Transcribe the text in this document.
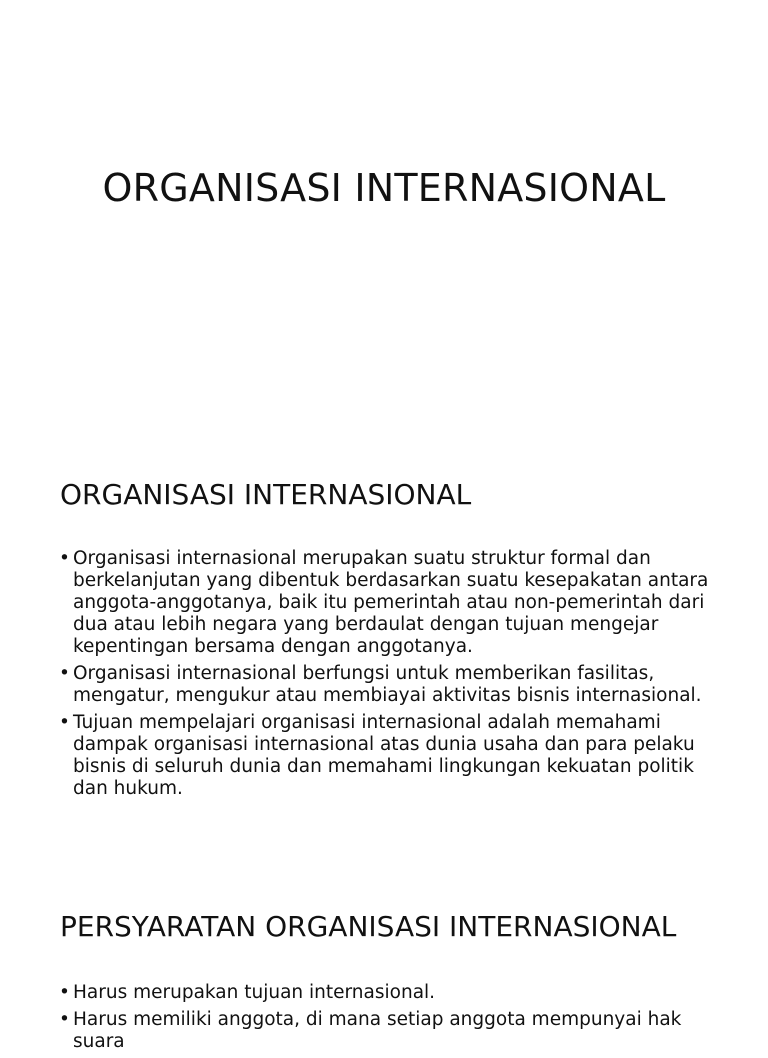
ORGANISASI INTERNASIONAL
ORGANISASI INTERNASIONAL
• Organisasi internasional merupakan suatu struktur formal dan berkelanjutan yang dibentuk berdasarkan suatu kesepakatan antara anggota-anggotanya, baik itu pemerintah atau non-pemerintah dari dua atau lebih negara yang berdaulat dengan tujuan mengejar kepentingan bersama dengan anggotanya.
• Organisasi internasional berfungsi untuk memberikan fasilitas, mengatur, mengukur atau membiayai aktivitas bisnis internasional.
• Tujuan mempelajari organisasi internasional adalah memahami dampak organisasi internasional atas dunia usaha dan para pelaku bisnis di seluruh dunia dan memahami lingkungan kekuatan politik dan hukum.
PERSYARATAN ORGANISASI INTERNASIONAL
• Harus merupakan tujuan internasional.
• Harus memiliki anggota, di mana setiap anggota mempunyai hak suara
